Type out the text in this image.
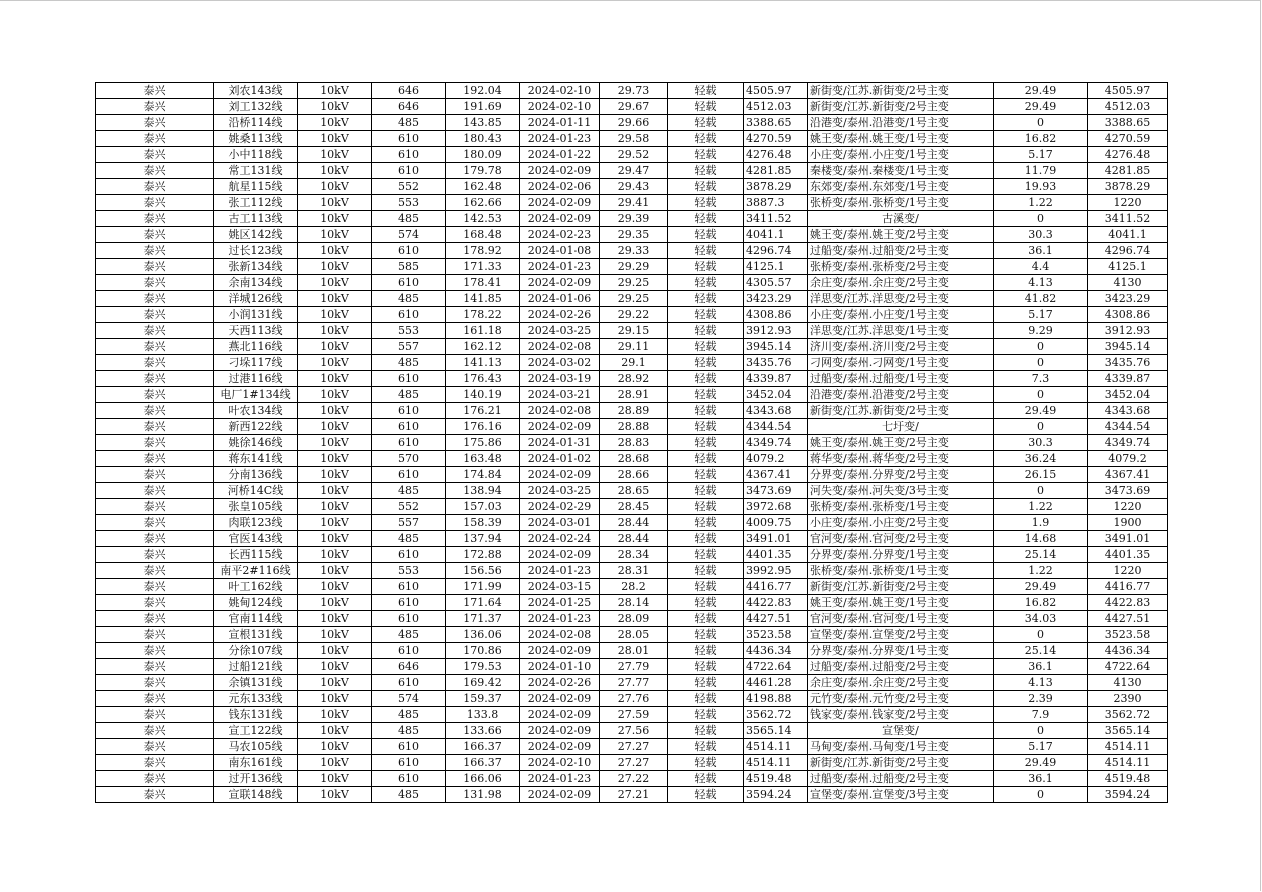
泰兴	刘农143线	10kV	646	192.04	2024-02-10	29.73	轻载	4505.97	新街变/江苏.新街变/2号主变	29.49	4505.97
泰兴	刘工132线	10kV	646	191.69	2024-02-10	29.67	轻载	4512.03	新街变/江苏.新街变/2号主变	29.49	4512.03
泰兴	沿桥114线	10kV	485	143.85	2024-01-11	29.66	轻载	3388.65	沿港变/泰州.沿港变/1号主变	0	3388.65
泰兴	姚桑113线	10kV	610	180.43	2024-01-23	29.58	轻载	4270.59	姚王变/泰州.姚王变/1号主变	16.82	4270.59
泰兴	小中118线	10kV	610	180.09	2024-01-22	29.52	轻载	4276.48	小庄变/泰州.小庄变/1号主变	5.17	4276.48
泰兴	常工131线	10kV	610	179.78	2024-02-09	29.47	轻载	4281.85	秦楼变/泰州.秦楼变/1号主变	11.79	4281.85
泰兴	航星115线	10kV	552	162.48	2024-02-06	29.43	轻载	3878.29	东郊变/泰州.东郊变/1号主变	19.93	3878.29
泰兴	张工112线	10kV	553	162.66	2024-02-09	29.41	轻载	3887.3	张桥变/泰州.张桥变/1号主变	1.22	1220
泰兴	古工113线	10kV	485	142.53	2024-02-09	29.39	轻载	3411.52	古溪变/	0	3411.52
泰兴	姚区142线	10kV	574	168.48	2024-02-23	29.35	轻载	4041.1	姚王变/泰州.姚王变/2号主变	30.3	4041.1
泰兴	过长123线	10kV	610	178.92	2024-01-08	29.33	轻载	4296.74	过船变/泰州.过船变/2号主变	36.1	4296.74
泰兴	张新134线	10kV	585	171.33	2024-01-23	29.29	轻载	4125.1	张桥变/泰州.张桥变/2号主变	4.4	4125.1
泰兴	余南134线	10kV	610	178.41	2024-02-09	29.25	轻载	4305.57	余庄变/泰州.余庄变/2号主变	4.13	4130
泰兴	洋城126线	10kV	485	141.85	2024-01-06	29.25	轻载	3423.29	洋思变/江苏.洋思变/2号主变	41.82	3423.29
泰兴	小润131线	10kV	610	178.22	2024-02-26	29.22	轻载	4308.86	小庄变/泰州.小庄变/1号主变	5.17	4308.86
泰兴	天西113线	10kV	553	161.18	2024-03-25	29.15	轻载	3912.93	洋思变/江苏.洋思变/1号主变	9.29	3912.93
泰兴	燕北116线	10kV	557	162.12	2024-02-08	29.11	轻载	3945.14	济川变/泰州.济川变/2号主变	0	3945.14
泰兴	刁垛117线	10kV	485	141.13	2024-03-02	29.1	轻载	3435.76	刁网变/泰州.刁网变/1号主变	0	3435.76
泰兴	过港116线	10kV	610	176.43	2024-03-19	28.92	轻载	4339.87	过船变/泰州.过船变/1号主变	7.3	4339.87
泰兴	电厂1#134线	10kV	485	140.19	2024-03-21	28.91	轻载	3452.04	沿港变/泰州.沿港变/2号主变	0	3452.04
泰兴	叶农134线	10kV	610	176.21	2024-02-08	28.89	轻载	4343.68	新街变/江苏.新街变/2号主变	29.49	4343.68
泰兴	新西122线	10kV	610	176.16	2024-02-09	28.88	轻载	4344.54	七圩变/	0	4344.54
泰兴	姚徐146线	10kV	610	175.86	2024-01-31	28.83	轻载	4349.74	姚王变/泰州.姚王变/2号主变	30.3	4349.74
泰兴	蒋东141线	10kV	570	163.48	2024-01-02	28.68	轻载	4079.2	蒋华变/泰州.蒋华变/2号主变	36.24	4079.2
泰兴	分南136线	10kV	610	174.84	2024-02-09	28.66	轻载	4367.41	分界变/泰州.分界变/2号主变	26.15	4367.41
泰兴	河桥14C线	10kV	485	138.94	2024-03-25	28.65	轻载	3473.69	河失变/泰州.河失变/3号主变	0	3473.69
泰兴	张皇105线	10kV	552	157.03	2024-02-29	28.45	轻载	3972.68	张桥变/泰州.张桥变/1号主变	1.22	1220
泰兴	肉联123线	10kV	557	158.39	2024-03-01	28.44	轻载	4009.75	小庄变/泰州.小庄变/2号主变	1.9	1900
泰兴	官医143线	10kV	485	137.94	2024-02-24	28.44	轻载	3491.01	官河变/泰州.官河变/2号主变	14.68	3491.01
泰兴	长西115线	10kV	610	172.88	2024-02-09	28.34	轻载	4401.35	分界变/泰州.分界变/1号主变	25.14	4401.35
泰兴	南平2#116线	10kV	553	156.56	2024-01-23	28.31	轻载	3992.95	张桥变/泰州.张桥变/1号主变	1.22	1220
泰兴	叶工162线	10kV	610	171.99	2024-03-15	28.2	轻载	4416.77	新街变/江苏.新街变/2号主变	29.49	4416.77
泰兴	姚甸124线	10kV	610	171.64	2024-01-25	28.14	轻载	4422.83	姚王变/泰州.姚王变/1号主变	16.82	4422.83
泰兴	官南114线	10kV	610	171.37	2024-01-23	28.09	轻载	4427.51	官河变/泰州.官河变/1号主变	34.03	4427.51
泰兴	宣根131线	10kV	485	136.06	2024-02-08	28.05	轻载	3523.58	宣堡变/泰州.宣堡变/2号主变	0	3523.58
泰兴	分徐107线	10kV	610	170.86	2024-02-09	28.01	轻载	4436.34	分界变/泰州.分界变/1号主变	25.14	4436.34
泰兴	过船121线	10kV	646	179.53	2024-01-10	27.79	轻载	4722.64	过船变/泰州.过船变/2号主变	36.1	4722.64
泰兴	余镇131线	10kV	610	169.42	2024-02-26	27.77	轻载	4461.28	余庄变/泰州.余庄变/2号主变	4.13	4130
泰兴	元东133线	10kV	574	159.37	2024-02-09	27.76	轻载	4198.88	元竹变/泰州.元竹变/2号主变	2.39	2390
泰兴	钱东131线	10kV	485	133.8	2024-02-09	27.59	轻载	3562.72	钱家变/泰州.钱家变/2号主变	7.9	3562.72
泰兴	宣工122线	10kV	485	133.66	2024-02-09	27.56	轻载	3565.14	宣堡变/	0	3565.14
泰兴	马农105线	10kV	610	166.37	2024-02-09	27.27	轻载	4514.11	马甸变/泰州.马甸变/1号主变	5.17	4514.11
泰兴	南东161线	10kV	610	166.37	2024-02-10	27.27	轻载	4514.11	新街变/江苏.新街变/2号主变	29.49	4514.11
泰兴	过开136线	10kV	610	166.06	2024-01-23	27.22	轻载	4519.48	过船变/泰州.过船变/2号主变	36.1	4519.48
泰兴	宣联148线	10kV	485	131.98	2024-02-09	27.21	轻载	3594.24	宣堡变/泰州.宣堡变/3号主变	0	3594.24
